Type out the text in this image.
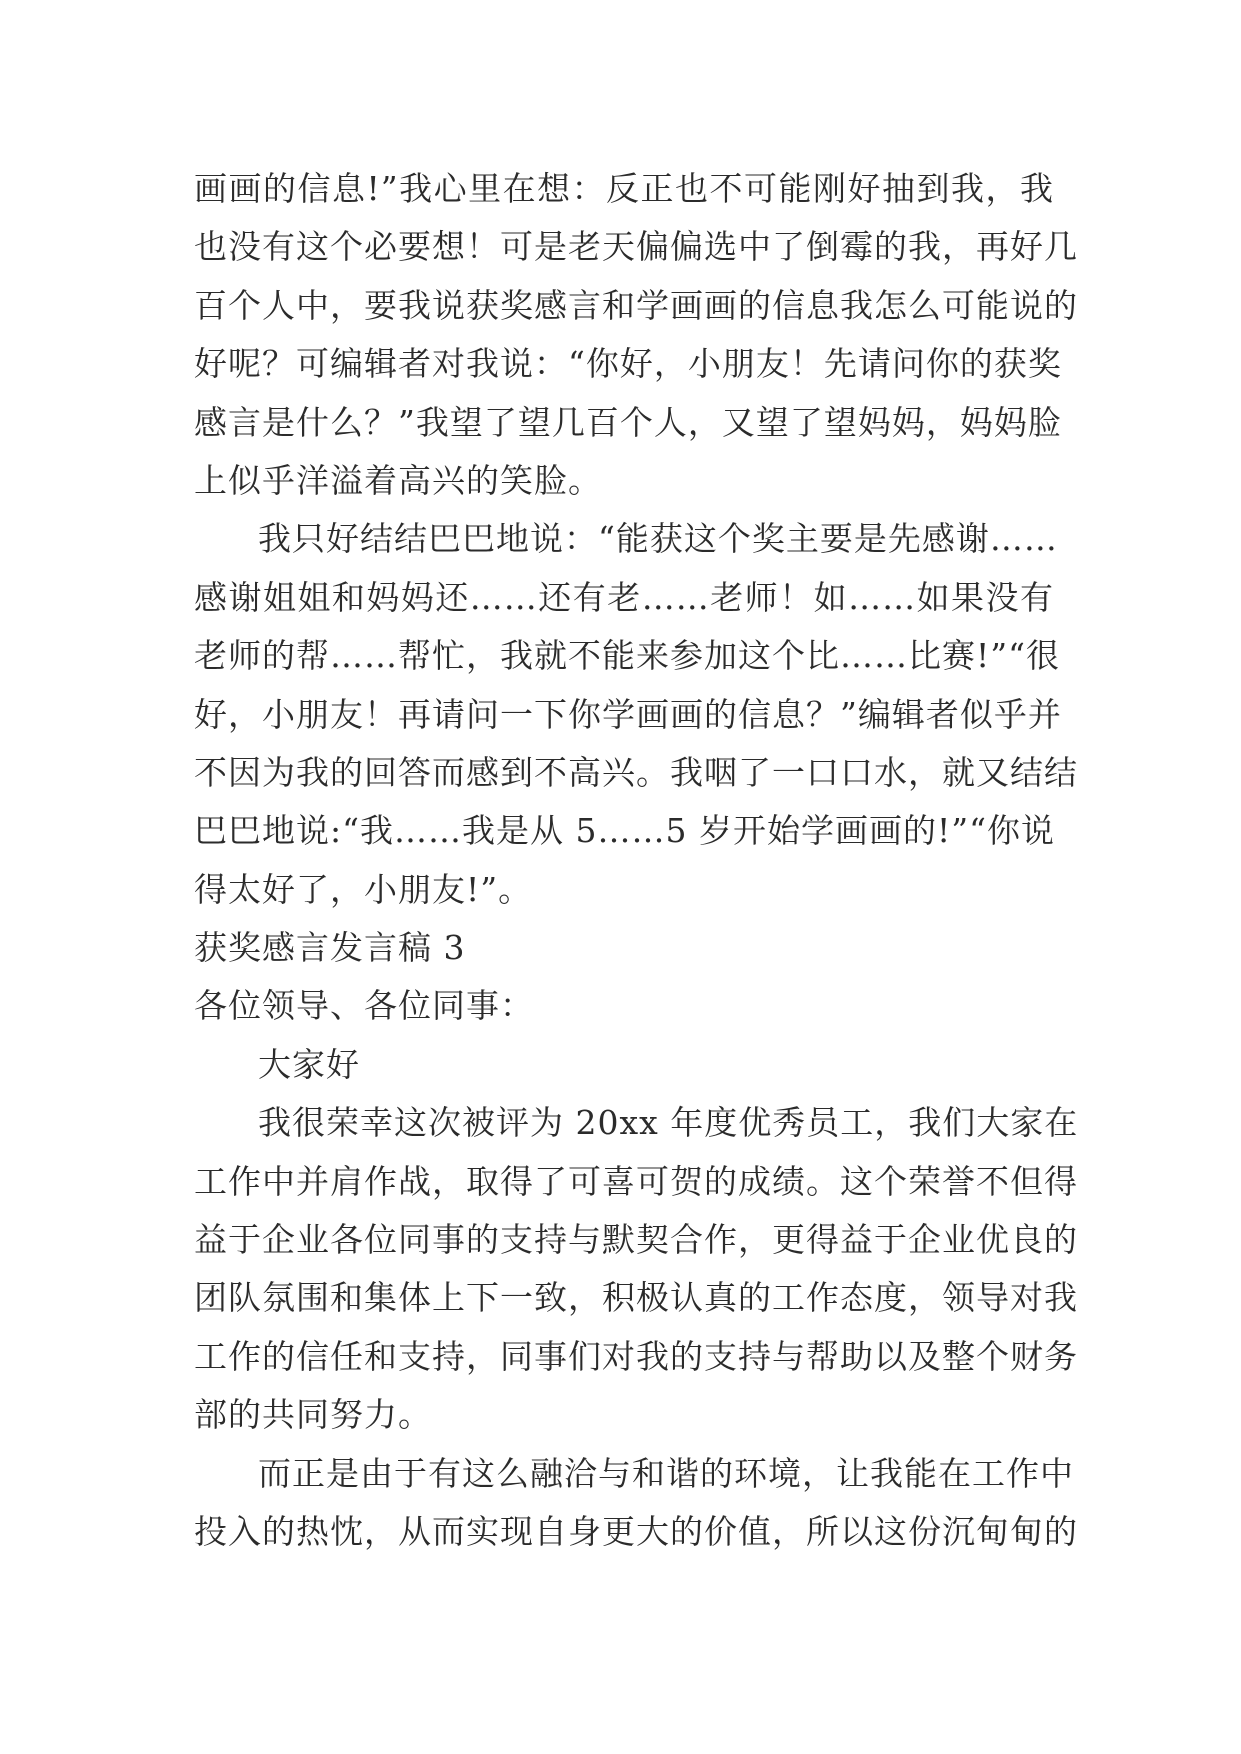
画画的信息!”我心里在想：反正也不可能刚好抽到我，我
也没有这个必要想！可是老天偏偏选中了倒霉的我，再好几
百个人中，要我说获奖感言和学画画的信息我怎么可能说的
好呢？可编辑者对我说：“你好，小朋友！先请问你的获奖
感言是什么？”我望了望几百个人，又望了望妈妈，妈妈脸
上似乎洋溢着高兴的笑脸。
我只好结结巴巴地说：“能获这个奖主要是先感谢……
感谢姐姐和妈妈还……还有老……老师！如……如果没有
老师的帮……帮忙，我就不能来参加这个比……比赛!”“很
好，小朋友！再请问一下你学画画的信息？”编辑者似乎并
不因为我的回答而感到不高兴。我咽了一口口水，就又结结
巴巴地说:“我……我是从 5……5 岁开始学画画的!”“你说
得太好了，小朋友!”。
获奖感言发言稿 3
各位领导、各位同事：
大家好
我很荣幸这次被评为 20xx 年度优秀员工，我们大家在
工作中并肩作战，取得了可喜可贺的成绩。这个荣誉不但得
益于企业各位同事的支持与默契合作，更得益于企业优良的
团队氛围和集体上下一致，积极认真的工作态度，领导对我
工作的信任和支持，同事们对我的支持与帮助以及整个财务
部的共同努力。
而正是由于有这么融洽与和谐的环境，让我能在工作中
投入的热忱，从而实现自身更大的价值，所以这份沉甸甸的
